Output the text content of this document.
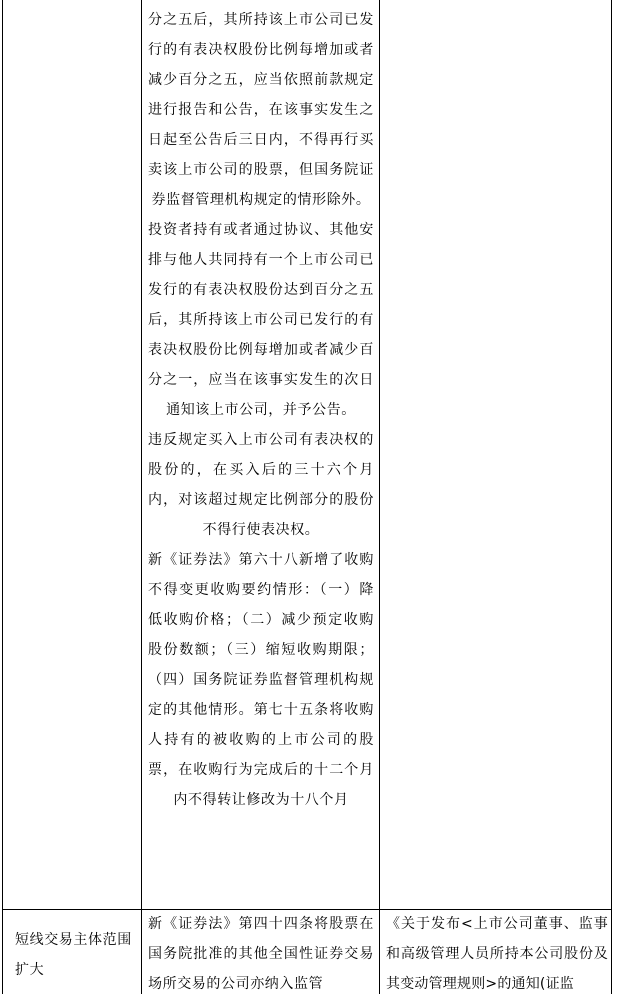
分之五后，其所持该上市公司已发行的有表决权股份比例每增加或者减少百分之五，应当依照前款规定进行报告和公告，在该事实发生之日起至公告后三日内，不得再行买卖该上市公司的股票，但国务院证券监督管理机构规定的情形除外。

投资者持有或者通过协议、其他安排与他人共同持有一个上市公司已发行的有表决权股份达到百分之五后，其所持该上市公司已发行的有表决权股份比例每增加或者减少百分之一，应当在该事实发生的次日通知该上市公司，并予公告。

违反规定买入上市公司有表决权的股份的，在买入后的三十六个月内，对该超过规定比例部分的股份不得行使表决权。

新《证券法》第六十八新增了收购不得变更收购要约情形：（一）降低收购价格；（二）减少预定收购股份数额；（三）缩短收购期限；（四）国务院证券监督管理机构规定的其他情形。第七十五条将收购人持有的被收购的上市公司的股票，在收购行为完成后的十二个月内不得转让修改为十八个月

短线交易主体范围扩大

新《证券法》第四十四条将股票在国务院批准的其他全国性证券交易场所交易的公司亦纳入监管

《关于发布<上市公司董事、监事和高级管理人员所持本公司股份及其变动管理规则>的通知(证监
